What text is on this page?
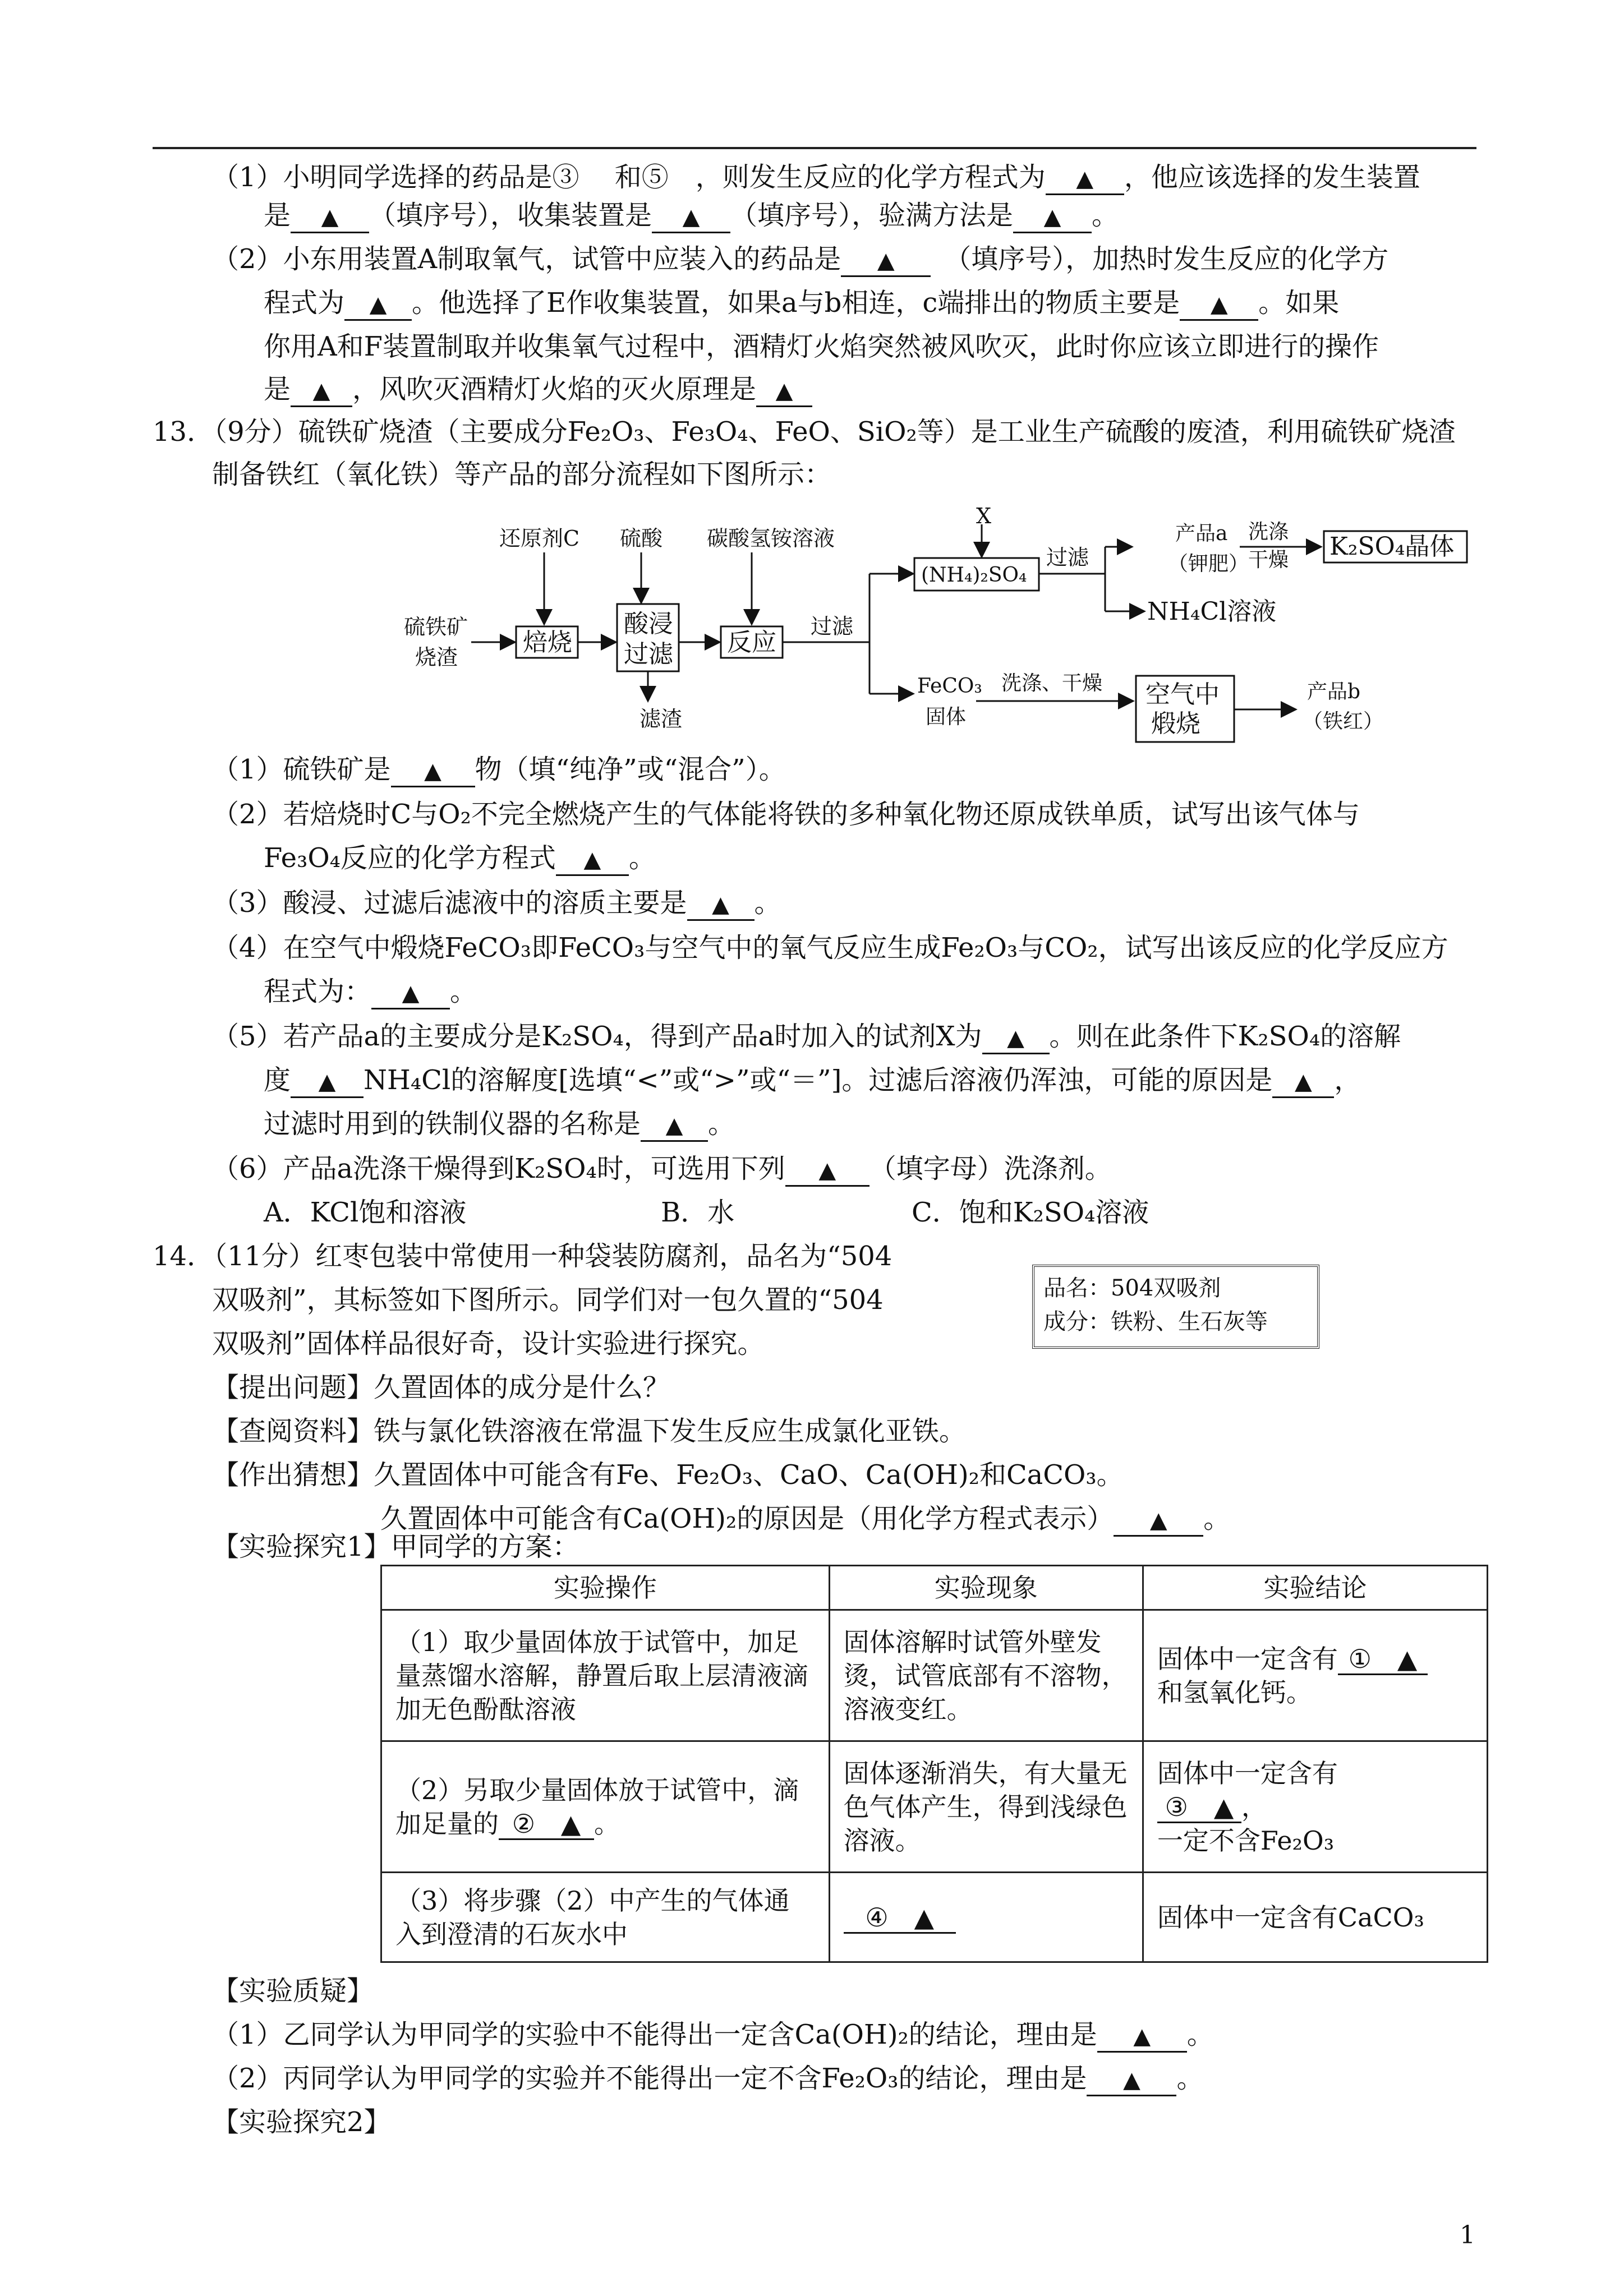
（1）小明同学选择的药品是③　 和⑤　，则发生反应的化学方程式为 ▲ ，他应该选择的发生装置
是 ▲ （填序号），收集装置是 ▲ （填序号），验满方法是 ▲ 。
（2）小东用装置A制取氧气，试管中应装入的药品是 ▲　（填序号），加热时发生反应的化学方
程式为 ▲ 。他选择了E作收集装置，如果a与b相连，c端排出的物质主要是 ▲ 。如果
你用A和F装置制取并收集氧气过程中，酒精灯火焰突然被风吹灭，此时你应该立即进行的操作
是 ▲ ，风吹灭酒精灯火焰的灭火原理是 ▲
13．（9分）硫铁矿烧渣（主要成分Fe₂O₃、Fe₃O₄、FeO、SiO₂等）是工业生产硫酸的废渣，利用硫铁矿烧渣
制备铁红（氧化铁）等产品的部分流程如下图所示：
还原剂C 硫酸 碳酸氢铵溶液
X
硫铁矿
烧渣
焙烧
酸浸
过滤
滤渣
反应
过滤
(NH₄)₂SO₄
过滤
产品a
（钾肥）
洗涤
干燥 K₂SO₄晶体
NH₄Cl溶液
FeCO₃
固体
洗涤、干燥 空气中
煅烧
产品b
（铁红）
（1）硫铁矿是 ▲ 物（填“纯净”或“混合”）。
（2）若焙烧时C与O₂不完全燃烧产生的气体能将铁的多种氧化物还原成铁单质，试写出该气体与
Fe₃O₄反应的化学方程式 ▲ 。
（3）酸浸、过滤后滤液中的溶质主要是 ▲ 。
（4）在空气中煅烧FeCO₃即FeCO₃与空气中的氧气反应生成Fe₂O₃与CO₂，试写出该反应的化学反应方
程式为： ▲ 。
（5）若产品a的主要成分是K₂SO₄，得到产品a时加入的试剂X为 ▲ 。则在此条件下K₂SO₄的溶解
度 ▲ NH₄Cl的溶解度[选填“<”或“>”或“＝”]。过滤后溶液仍浑浊，可能的原因是 ▲ ，
过滤时用到的铁制仪器的名称是 ▲ 。
（6）产品a洗涤干燥得到K₂SO₄时，可选用下列 ▲ （填字母）洗涤剂。
A．KCl饱和溶液	B．水	C．饱和K₂SO₄溶液
14．（11分）红枣包装中常使用一种袋装防腐剂，品名为“504
双吸剂”，其标签如下图所示。同学们对一包久置的“504
双吸剂”固体样品很好奇，设计实验进行探究。
品名：504双吸剂
成分：铁粉、生石灰等
【提出问题】久置固体的成分是什么？
【查阅资料】铁与氯化铁溶液在常温下发生反应生成氯化亚铁。
【作出猜想】久置固体中可能含有Fe、Fe₂O₃、CaO、Ca(OH)₂和CaCO₃。
久置固体中可能含有Ca(OH)₂的原因是（用化学方程式表示） ▲ 。
【实验探究1】甲同学的方案：
实验操作	实验现象	实验结论
（1）取少量固体放于试管中，加足量蒸馏水溶解，静置后取上层清液滴加无色酚酞溶液	固体溶解时试管外壁发烫，试管底部有不溶物，溶液变红。	固体中一定含有 ①　▲
和氢氧化钙。
（2）另取少量固体放于试管中，滴加足量的 ②　▲ 。	固体逐渐消失，有大量无色气体产生，得到浅绿色溶液。	固体中一定含有
③　▲ ，
一定不含Fe₂O₃
（3）将步骤（2）中产生的气体通入到澄清的石灰水中	④　▲	固体中一定含有CaCO₃
【实验质疑】
（1）乙同学认为甲同学的实验中不能得出一定含Ca(OH)₂的结论，理由是 ▲ 。
（2）丙同学认为甲同学的实验并不能得出一定不含Fe₂O₃的结论，理由是 ▲ 。
【实验探究2】
1
